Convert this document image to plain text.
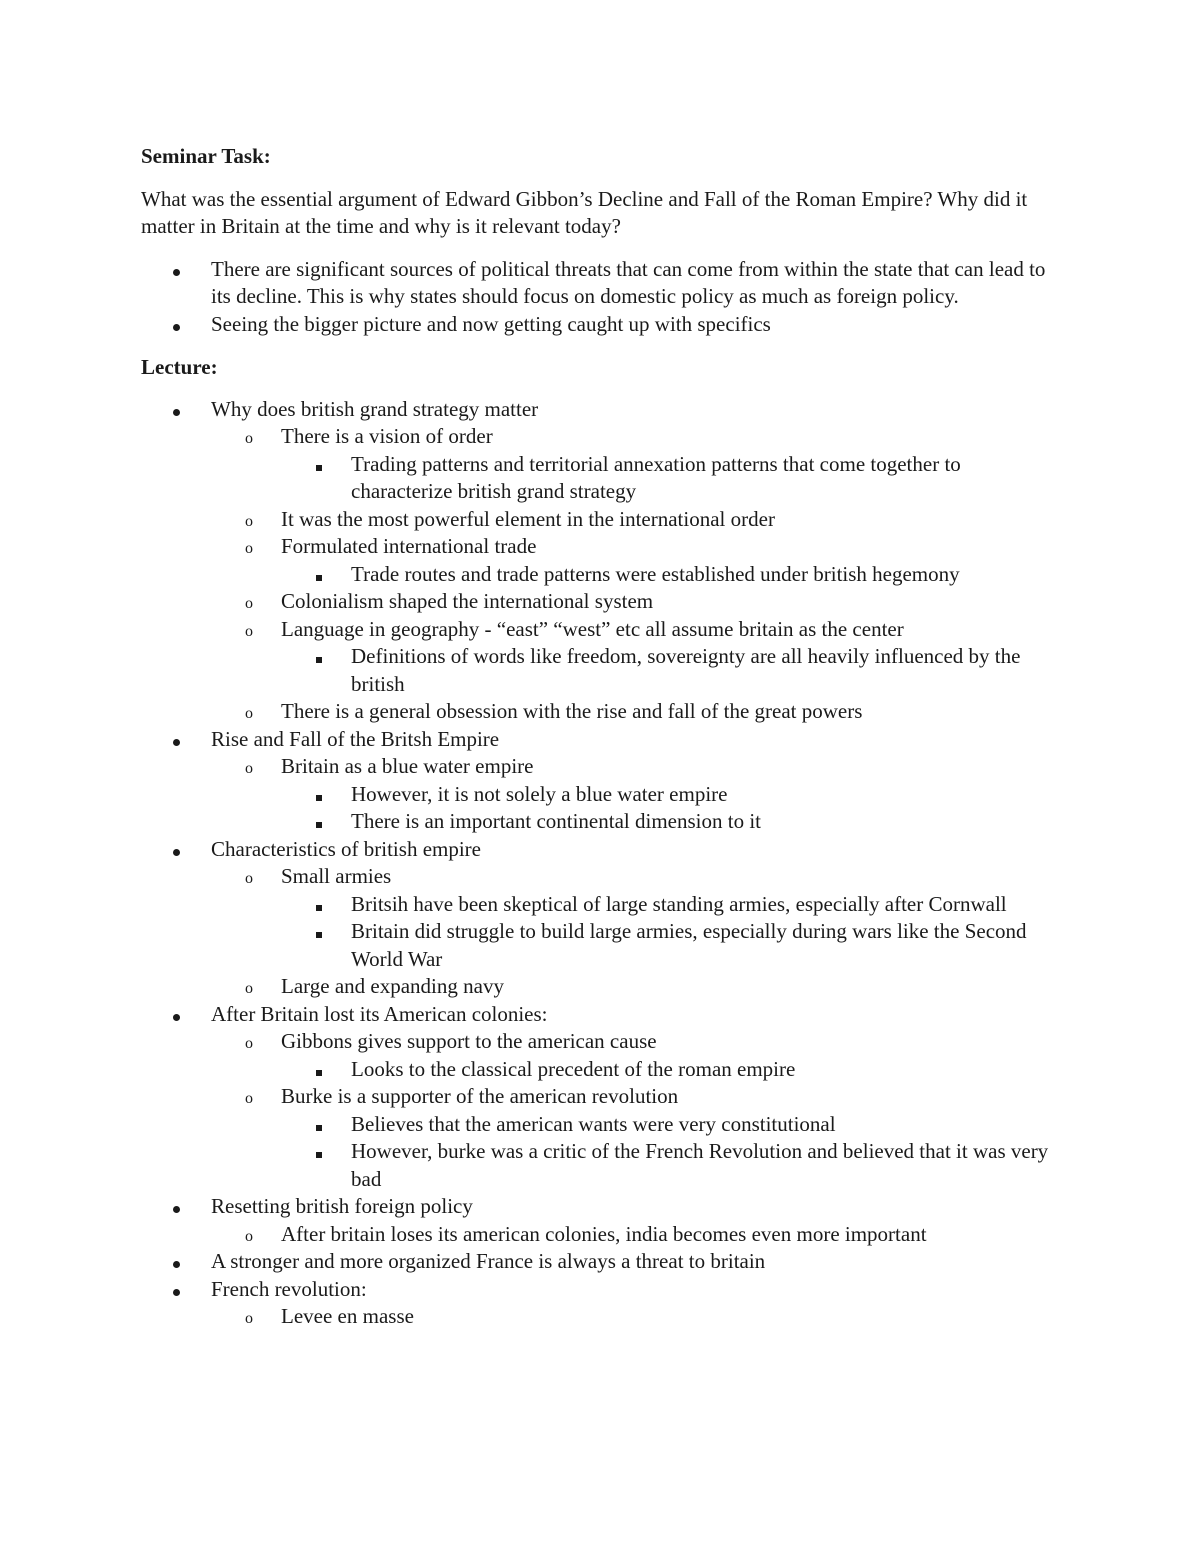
Seminar Task:

What was the essential argument of Edward Gibbon’s Decline and Fall of the Roman Empire? Why did it matter in Britain at the time and why is it relevant today?

There are significant sources of political threats that can come from within the state that can lead to its decline. This is why states should focus on domestic policy as much as foreign policy.
Seeing the bigger picture and now getting caught up with specifics

Lecture:

Why does british grand strategy matter
o There is a vision of order
Trading patterns and territorial annexation patterns that come together to characterize british grand strategy
o It was the most powerful element in the international order
o Formulated international trade
Trade routes and trade patterns were established under british hegemony
o Colonialism shaped the international system
o Language in geography - “east” “west” etc all assume britain as the center
Definitions of words like freedom, sovereignty are all heavily influenced by the british
o There is a general obsession with the rise and fall of the great powers
Rise and Fall of the Britsh Empire
o Britain as a blue water empire
However, it is not solely a blue water empire
There is an important continental dimension to it
Characteristics of british empire
o Small armies
Britsih have been skeptical of large standing armies, especially after Cornwall
Britain did struggle to build large armies, especially during wars like the Second World War
o Large and expanding navy
After Britain lost its American colonies:
o Gibbons gives support to the american cause
Looks to the classical precedent of the roman empire
o Burke is a supporter of the american revolution
Believes that the american wants were very constitutional
However, burke was a critic of the French Revolution and believed that it was very bad
Resetting british foreign policy
o After britain loses its american colonies, india becomes even more important
A stronger and more organized France is always a threat to britain
French revolution:
o Levee en masse
